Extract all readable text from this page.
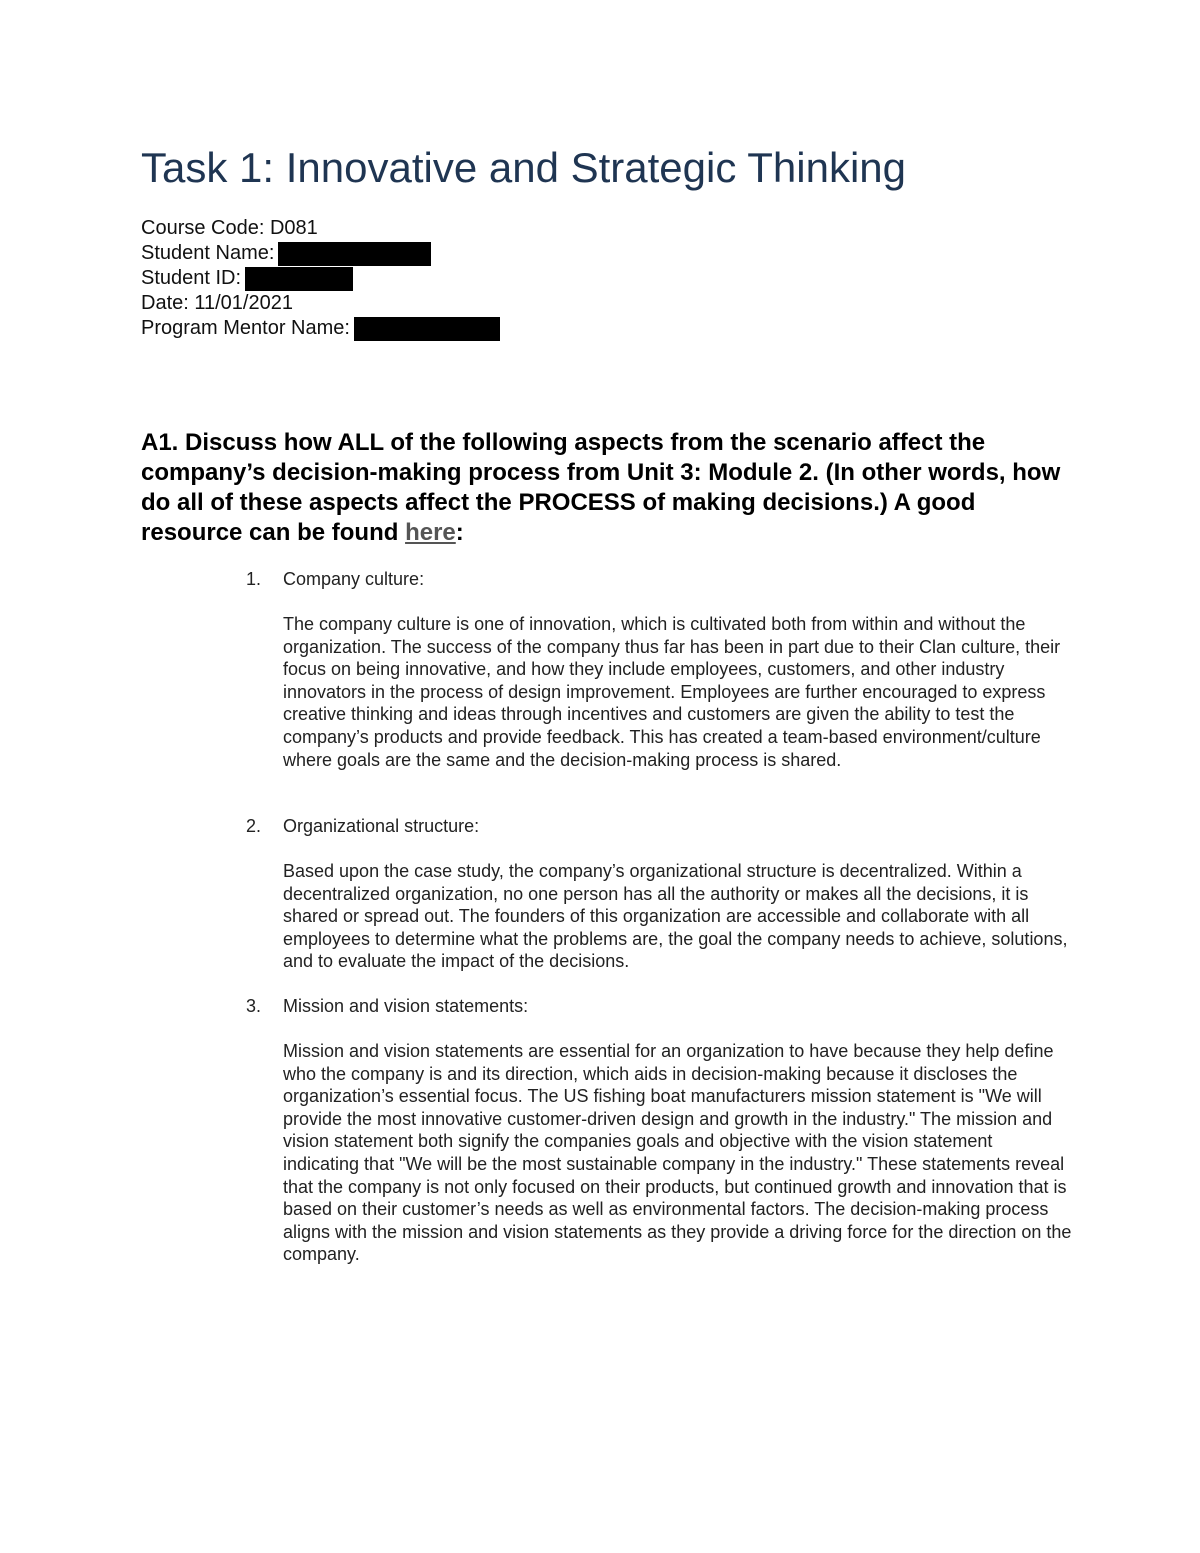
Task 1: Innovative and Strategic Thinking
Course Code: D081
Student Name:
Student ID:
Date: 11/01/2021
Program Mentor Name:

A1. Discuss how ALL of the following aspects from the scenario affect the company’s decision-making process from Unit 3: Module 2. (In other words, how do all of these aspects affect the PROCESS of making decisions.) A good resource can be found here:

1. Company culture:

The company culture is one of innovation, which is cultivated both from within and without the organization. The success of the company thus far has been in part due to their Clan culture, their focus on being innovative, and how they include employees, customers, and other industry innovators in the process of design improvement. Employees are further encouraged to express creative thinking and ideas through incentives and customers are given the ability to test the company’s products and provide feedback. This has created a team-based environment/culture where goals are the same and the decision-making process is shared.

2. Organizational structure:

Based upon the case study, the company’s organizational structure is decentralized. Within a decentralized organization, no one person has all the authority or makes all the decisions, it is shared or spread out. The founders of this organization are accessible and collaborate with all employees to determine what the problems are, the goal the company needs to achieve, solutions, and to evaluate the impact of the decisions.

3. Mission and vision statements:

Mission and vision statements are essential for an organization to have because they help define who the company is and its direction, which aids in decision-making because it discloses the organization’s essential focus. The US fishing boat manufacturers mission statement is "We will provide the most innovative customer-driven design and growth in the industry." The mission and vision statement both signify the companies goals and objective with the vision statement indicating that "We will be the most sustainable company in the industry." These statements reveal that the company is not only focused on their products, but continued growth and innovation that is based on their customer’s needs as well as environmental factors. The decision-making process aligns with the mission and vision statements as they provide a driving force for the direction on the company.
